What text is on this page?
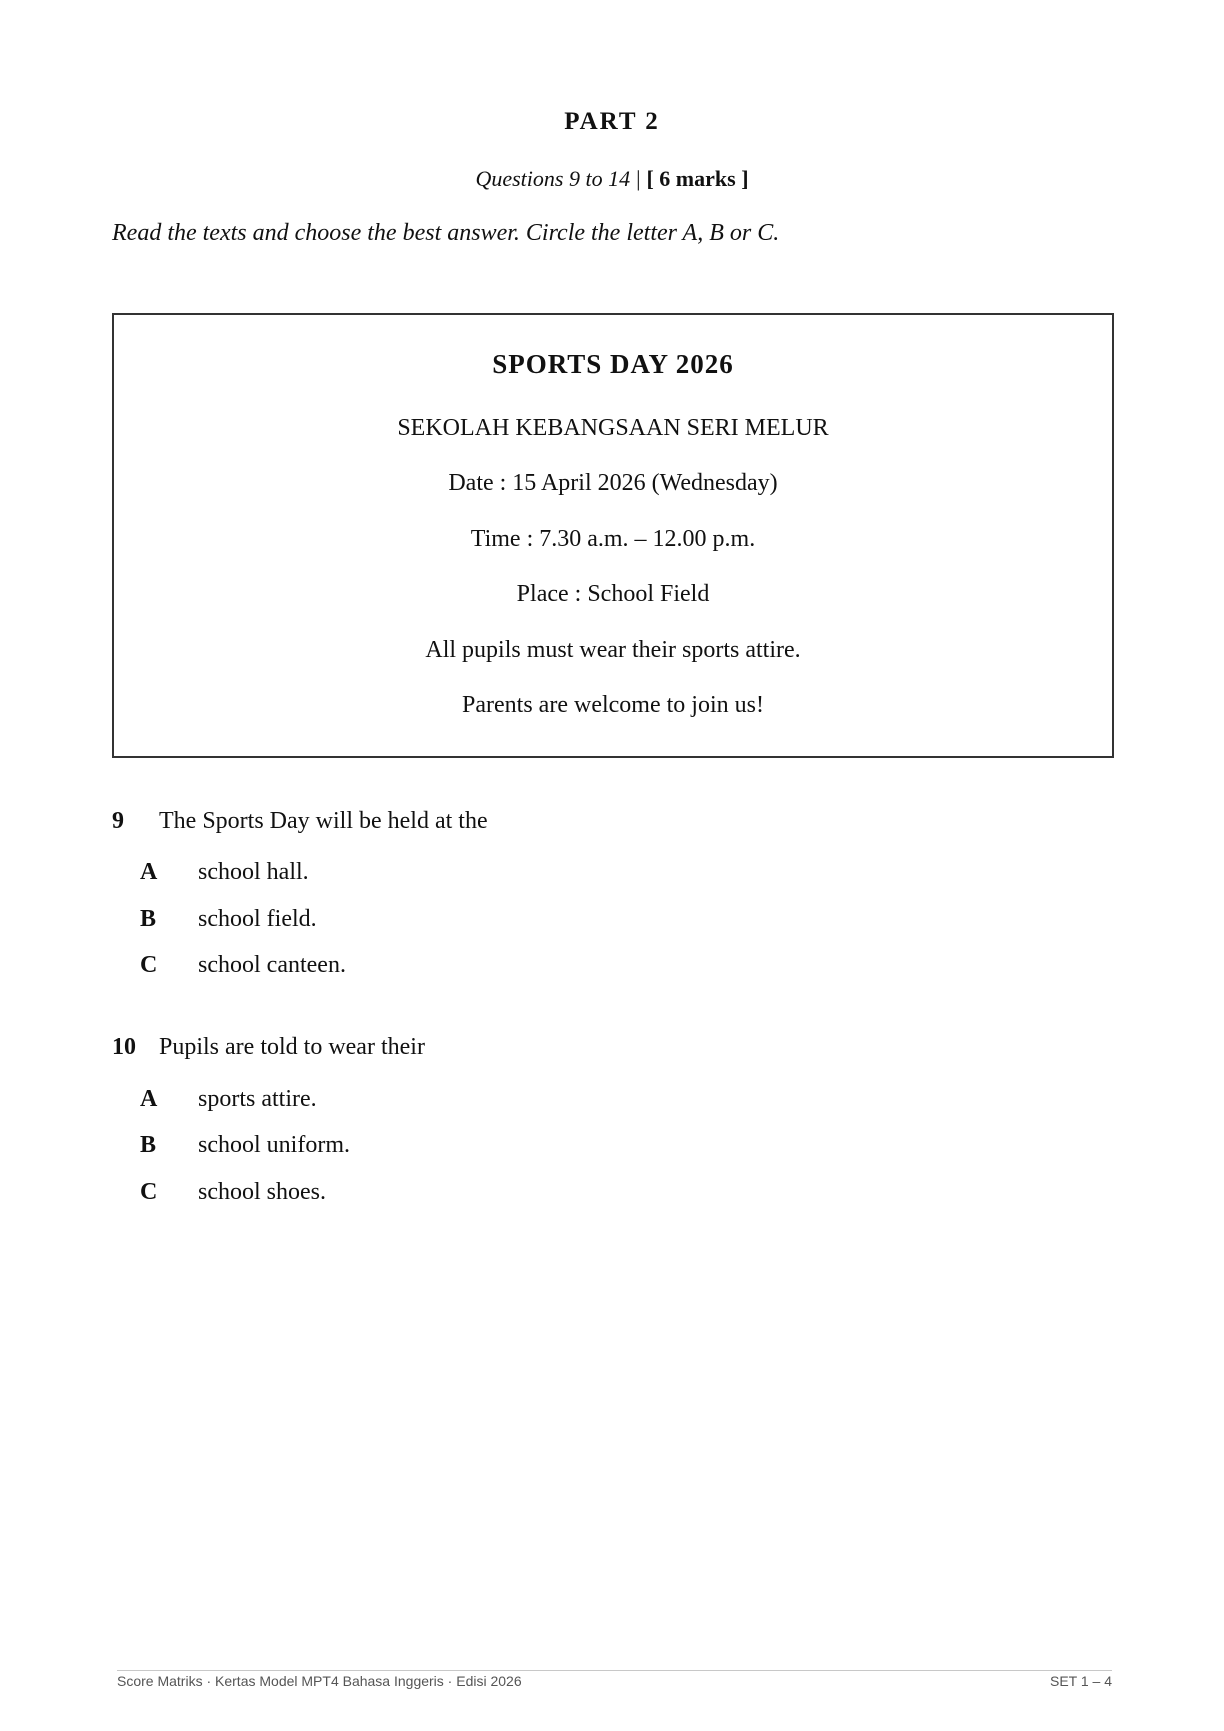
PART 2
Questions 9 to 14 | [ 6 marks ]
Read the texts and choose the best answer. Circle the letter A, B or C.
SPORTS DAY 2026
SEKOLAH KEBANGSAAN SERI MELUR
Date : 15 April 2026 (Wednesday)
Time : 7.30 a.m. – 12.00 p.m.
Place : School Field
All pupils must wear their sports attire.
Parents are welcome to join us!
9 The Sports Day will be held at the
A school hall.
B school field.
C school canteen.
10 Pupils are told to wear their
A sports attire.
B school uniform.
C school shoes.
Score Matriks · Kertas Model MPT4 Bahasa Inggeris · Edisi 2026	SET 1 – 4
